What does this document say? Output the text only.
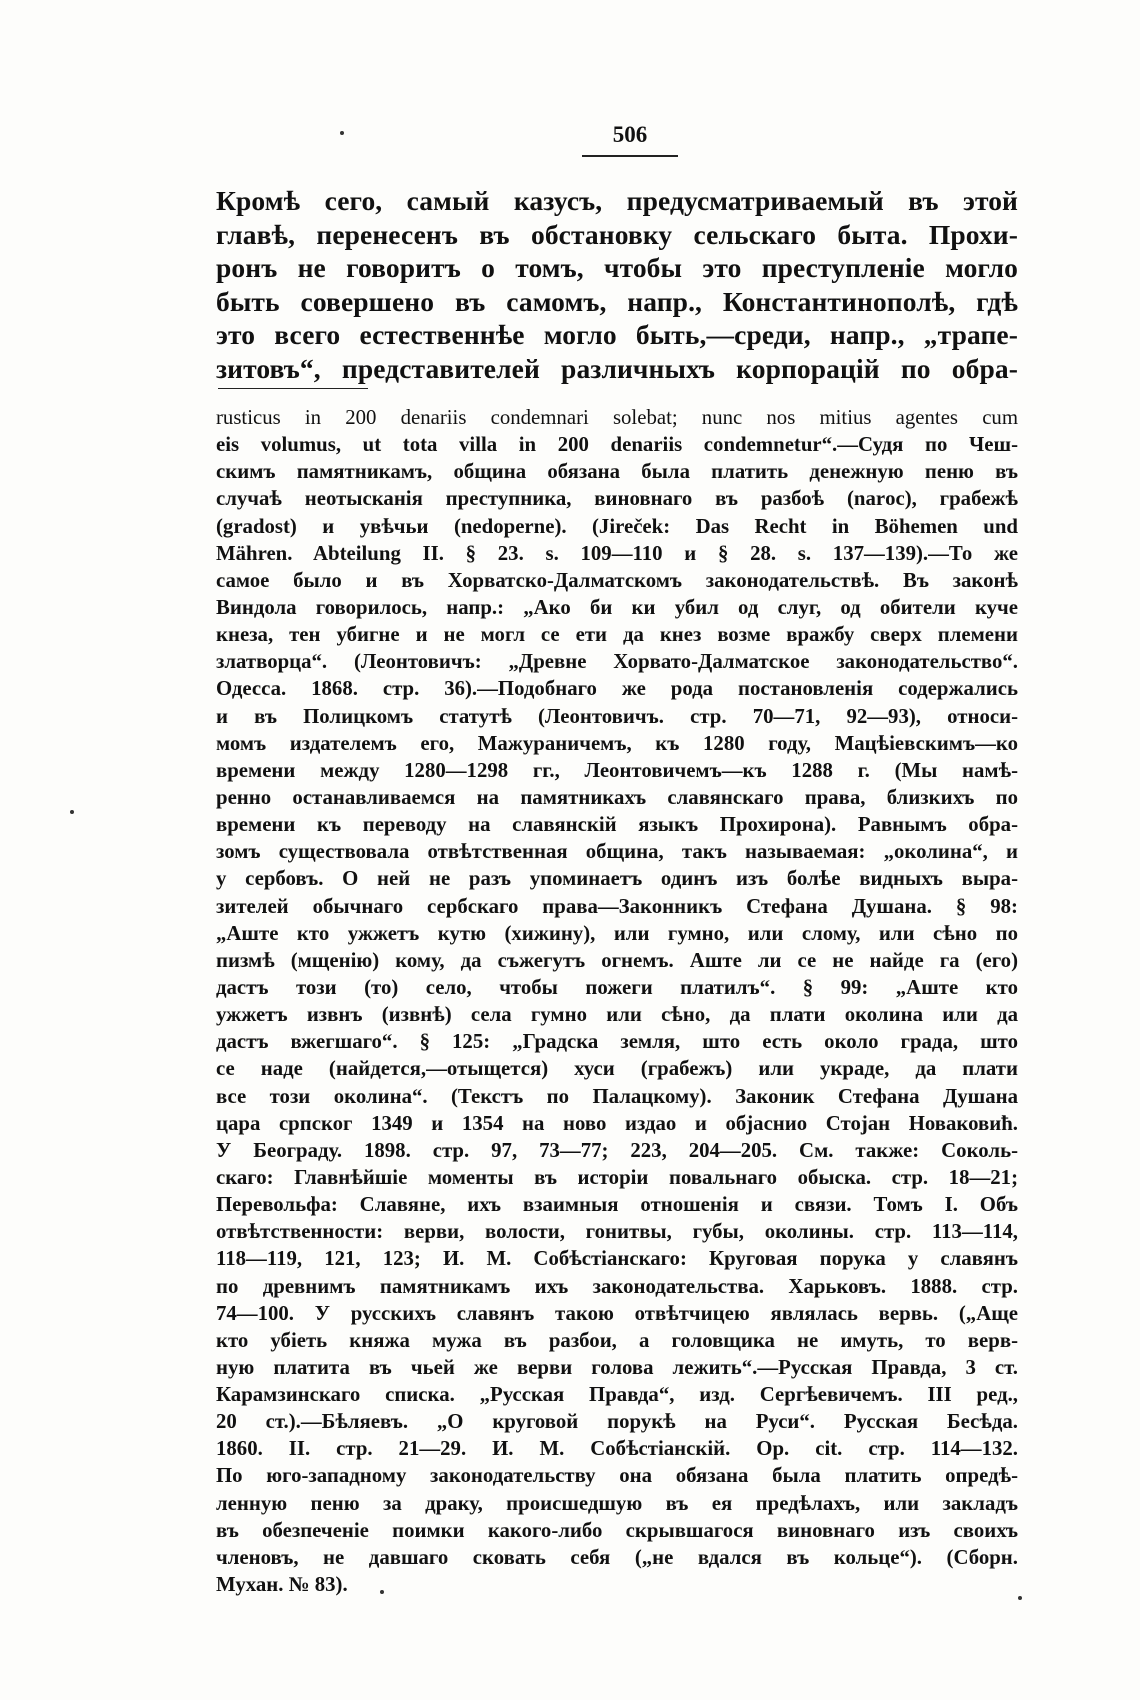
506
Кромѣ сего, самый казусъ, предусматриваемый въ этой
главѣ, перенесенъ въ обстановку сельскаго быта. Прохи-
ронъ не говоритъ о томъ, чтобы это преступленіе могло
быть совершено въ самомъ, напр., Константинополѣ, гдѣ
это всего естественнѣе могло быть,—среди, напр., „трапе-
зитовъ“, представителей различныхъ корпорацій по обра-
rusticus in 200 denariis condemnari solebat; nunc nos mitius agentes cum
eis volumus, ut tota villa in 200 denariis condemnetur“.—Судя по Чеш-
скимъ памятникамъ, община обязана была платить денежную пеню въ
случаѣ неотысканія преступника, виновнаго въ разбоѣ (narоc), грабежѣ
(gradost) и увѣчьи (nedoperne). (Jireček: Das Recht in Böhemen und
Mähren. Abteilung II. § 23. s. 109—110 и § 28. s. 137—139).—То же
самое было и въ Хорватско-Далматскомъ законодательствѣ. Въ законѣ
Виндола говорилось, напр.: „Ако би ки убил од слуг, од обители куче
кнеза, тен убигне и не могл се ети да кнез возме вражбу сверх племени
златворца“. (Леонтовичъ: „Древне Хорвато-Далматское законодательство“.
Одесса. 1868. стр. 36).—Подобнаго же рода постановленія содержались
и въ Полицкомъ статутѣ (Леонтовичъ. стр. 70—71, 92—93), относи-
момъ издателемъ его, Мажураничемъ, къ 1280 году, Мацѣіевскимъ—ко
времени между 1280—1298 гг., Леонтовичемъ—къ 1288 г. (Мы намѣ-
ренно останавливаемся на памятникахъ славянскаго права, близкихъ по
времени къ переводу на славянскій языкъ Прохирона). Равнымъ обра-
зомъ существовала отвѣтственная община, такъ называемая: „околина“, и
у сербовъ. О ней не разъ упоминаетъ одинъ изъ болѣе видныхъ выра-
зителей обычнаго сербскаго права—Законникъ Стефана Душана. § 98:
„Аште кто ужжетъ кутю (хижину), или гумно, или слому, или сѣно по
пизмѣ (мщенію) кому, да съжегутъ огнемъ. Аште ли се не найде га (его)
дастъ този (то) село, чтобы пожеги платилъ“. § 99: „Аште кто
ужжетъ извнъ (извнѣ) села гумно или сѣно, да плати околина или да
дастъ вжегшаго“. § 125: „Градска земля, што есть около града, што
се наде (найдется,—отыщется) хуси (грабежъ) или украде, да плати
все този околина“. (Текстъ по Палацкому). Законик Стефана Душана
цара српског 1349 и 1354 на ново издао и објаснио Стојан Новаковић.
У Београду. 1898. стр. 97, 73—77; 223, 204—205. См. также: Соколь-
скаго: Главнѣйшіе моменты въ исторіи повальнаго обыска. стр. 18—21;
Перевольфа: Славяне, ихъ взаимныя отношенія и связи. Томъ I. Объ
отвѣтственности: верви, волости, гонитвы, губы, околины. стр. 113—114,
118—119, 121, 123; И. М. Собѣстіанскаго: Круговая порука у славянъ
по древнимъ памятникамъ ихъ законодательства. Харьковъ. 1888. стр.
74—100. У русскихъ славянъ такою отвѣтчицею являлась вервь. („Аще
кто убіеть княжа мужа въ разбои, а головщика не имуть, то верв-
ную платита въ чьей же верви голова лежить“.—Русская Правда, 3 ст.
Карамзинскаго списка. „Русская Правда“, изд. Сергѣевичемъ. III ред.,
20 ст.).—Бѣляевъ. „О круговой порукѣ на Руси“. Русская Бесѣда.
1860. II. стр. 21—29. И. М. Собѣстіанскій. Op. cit. стр. 114—132.
По юго-западному законодательству она обязана была платить опредѣ-
ленную пеню за драку, происшедшую въ ея предѣлахъ, или закладъ
въ обезпеченіе поимки какого-либо скрывшагося виновнаго изъ своихъ
членовъ, не давшаго сковать себя („не вдался въ кольце“). (Сборн.
Мухан. № 83).
